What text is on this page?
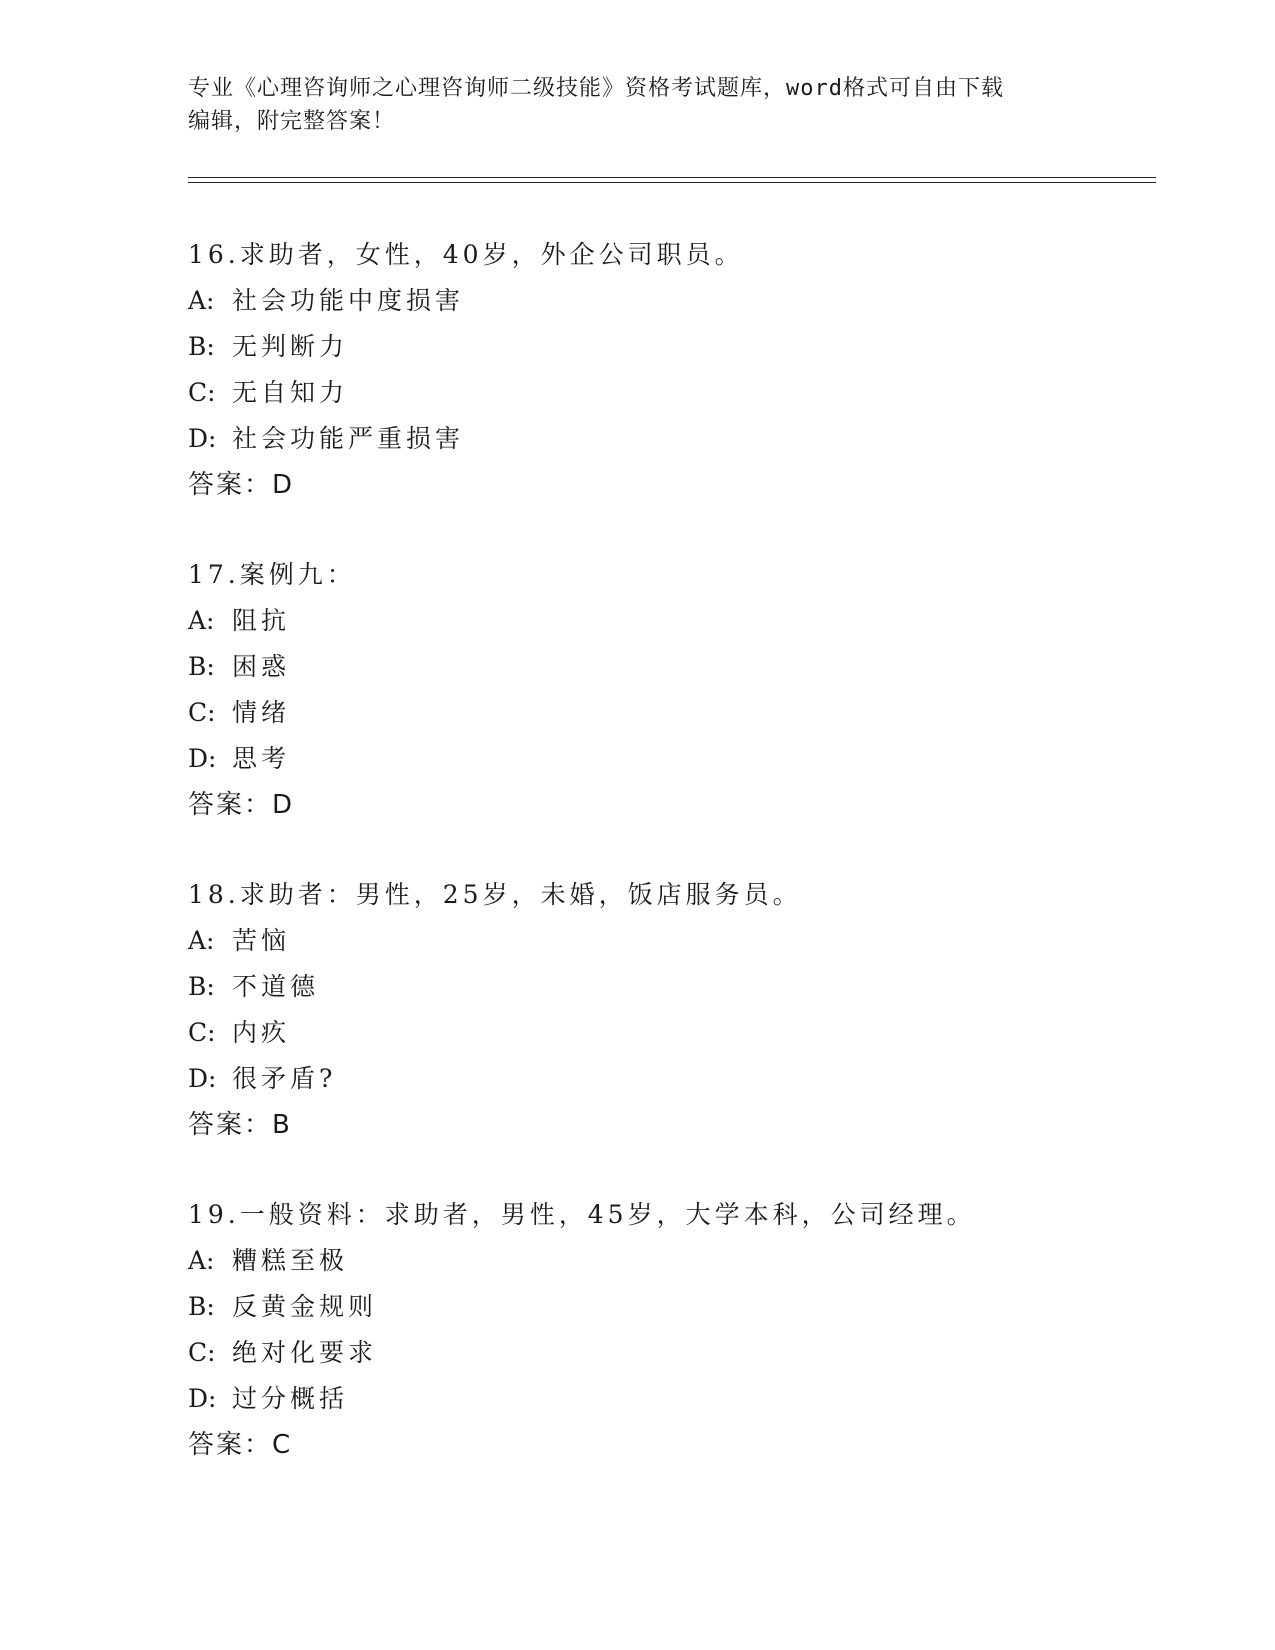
专业《心理咨询师之心理咨询师二级技能》资格考试题库，word格式可自由下载
编辑，附完整答案！
16.求助者，女性，40岁，外企公司职员。
A: 社会功能中度损害
B: 无判断力
C: 无自知力
D: 社会功能严重损害
答案：D
17.案例九：
A: 阻抗
B: 困惑
C: 情绪
D: 思考
答案：D
18.求助者：男性，25岁，未婚，饭店服务员。
A: 苦恼
B: 不道德
C: 内疚
D: 很矛盾?
答案：B
19.一般资料：求助者，男性，45岁，大学本科，公司经理。
A: 糟糕至极
B: 反黄金规则
C: 绝对化要求
D: 过分概括
答案：C
